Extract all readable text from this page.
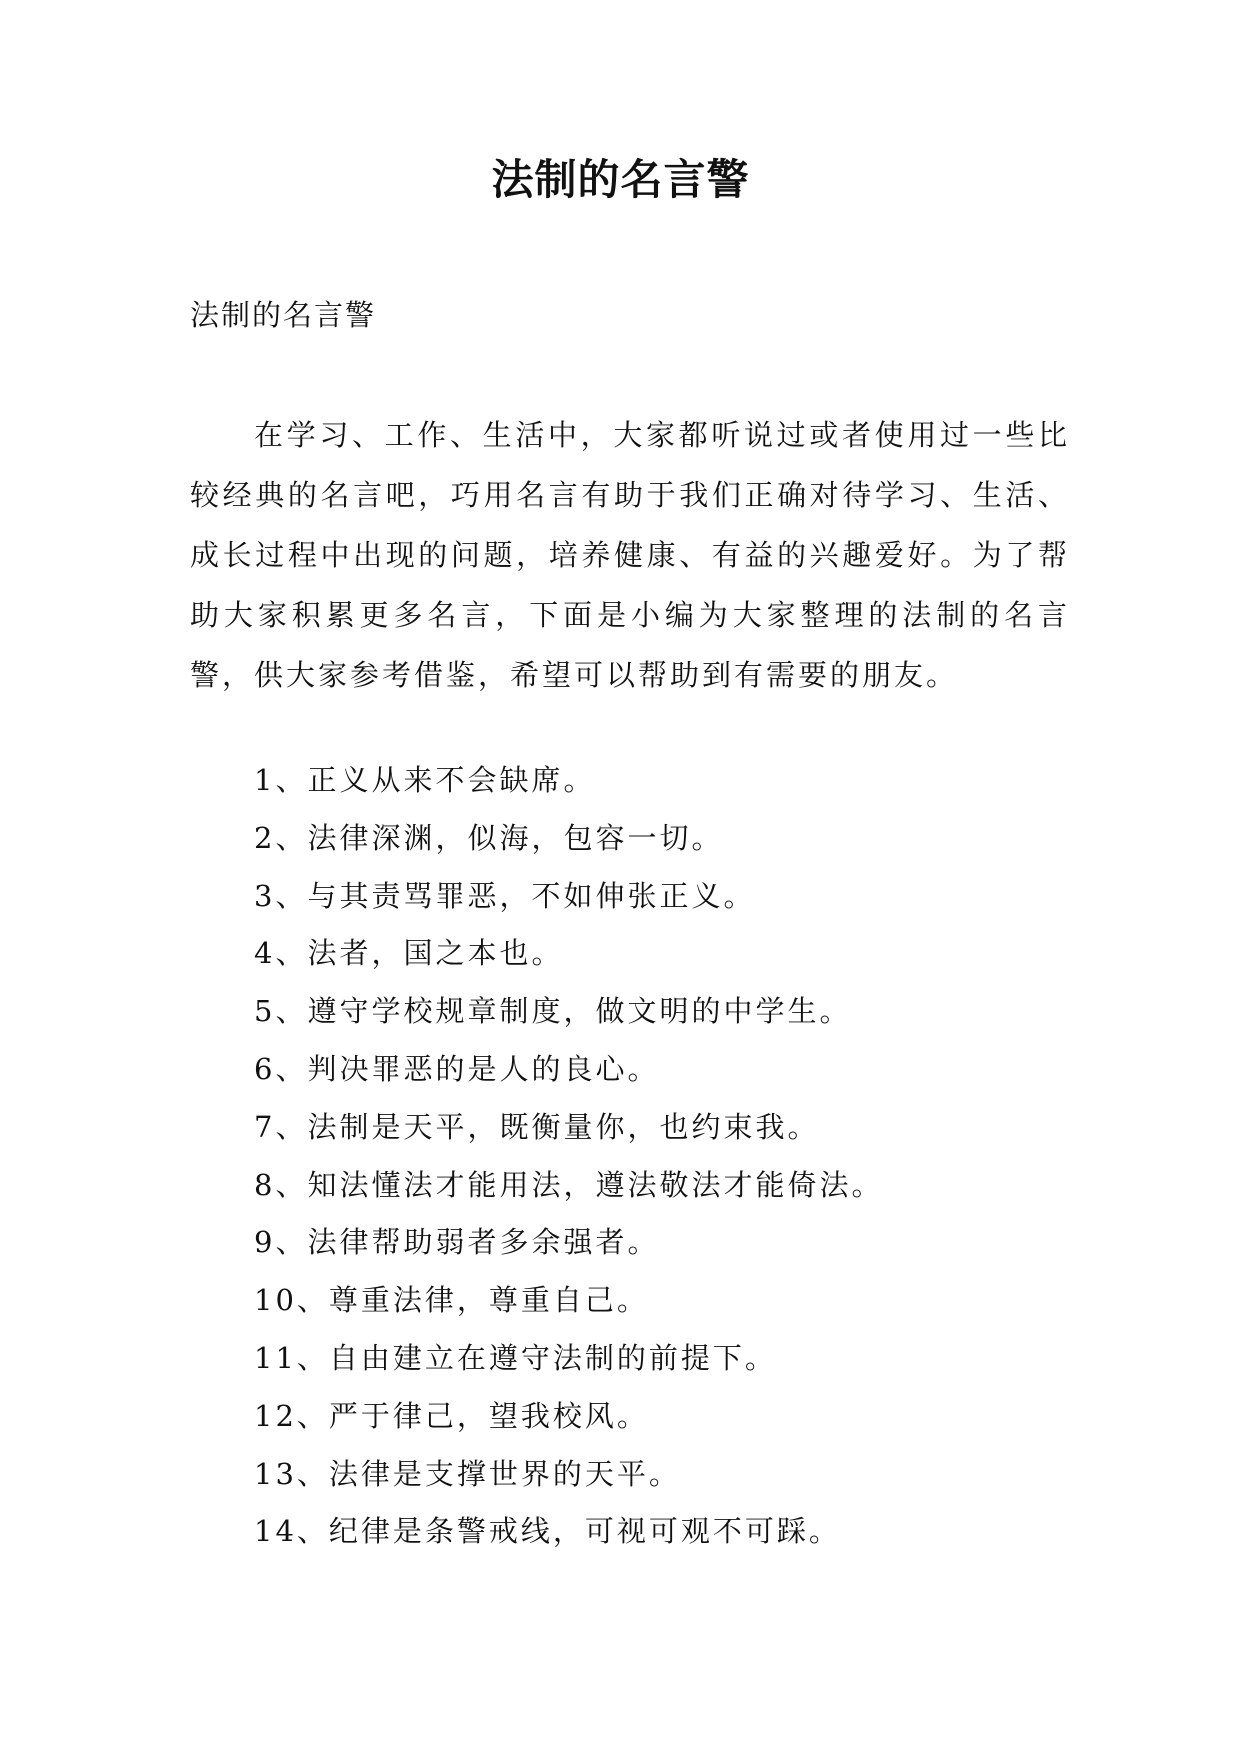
法制的名言警
法制的名言警

在学习、工作、生活中，大家都听说过或者使用过一些比较经典的名言吧，巧用名言有助于我们正确对待学习、生活、成长过程中出现的问题，培养健康、有益的兴趣爱好。为了帮助大家积累更多名言，下面是小编为大家整理的法制的名言警，供大家参考借鉴，希望可以帮助到有需要的朋友。

1、正义从来不会缺席。
2、法律深渊，似海，包容一切。
3、与其责骂罪恶，不如伸张正义。
4、法者，国之本也。
5、遵守学校规章制度，做文明的中学生。
6、判决罪恶的是人的良心。
7、法制是天平，既衡量你，也约束我。
8、知法懂法才能用法，遵法敬法才能倚法。
9、法律帮助弱者多余强者。
10、尊重法律，尊重自己。
11、自由建立在遵守法制的前提下。
12、严于律己，望我校风。
13、法律是支撑世界的天平。
14、纪律是条警戒线，可视可观不可踩。
